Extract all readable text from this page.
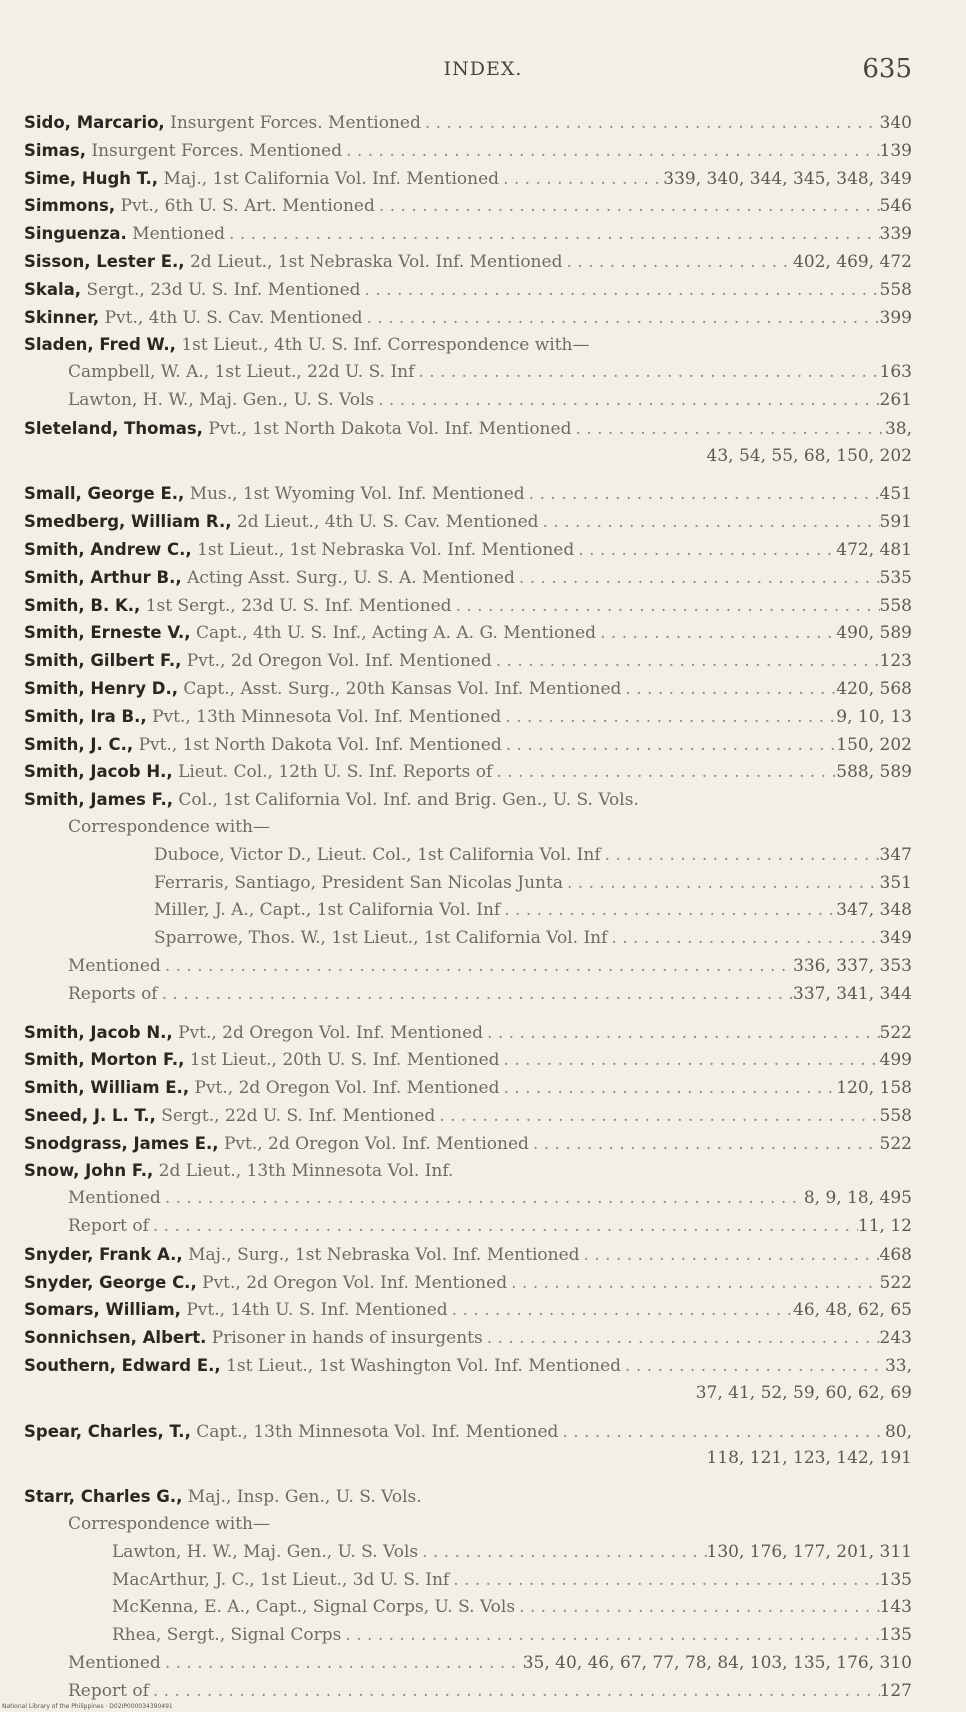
INDEX.	635
Sido, Marcario,
Insurgent Forces. Mentioned . . .	340
Simas,
Insurgent Forces. Mentioned . . .	139
Sime, Hugh T.,
Maj., 1st California Vol. Inf. Mentioned . . .	339, 340, 344, 345, 348, 349
Simmons,
Pvt., 6th U. S. Art. Mentioned . . .	546
Singuenza.
Mentioned . . .	339
Sisson, Lester E.,
2d Lieut., 1st Nebraska Vol. Inf. Mentioned . . .	402, 469, 472
Skala,
Sergt., 23d U. S. Inf. Mentioned . . .	558
Skinner,
Pvt., 4th U. S. Cav. Mentioned . . .	399
Sladen, Fred W.,
1st Lieut., 4th U. S. Inf. Correspondence with—
Campbell, W. A., 1st Lieut., 22d U. S. Inf . . .	163
Lawton, H. W., Maj. Gen., U. S. Vols . . .	261
Sleteland, Thomas,
Pvt., 1st North Dakota Vol. Inf. Mentioned . . .	38,
43, 54, 55, 68, 150, 202
Small, George E.,
Mus., 1st Wyoming Vol. Inf. Mentioned . . .	451
Smedberg, William R.,
2d Lieut., 4th U. S. Cav. Mentioned . . .	591
Smith, Andrew C.,
1st Lieut., 1st Nebraska Vol. Inf. Mentioned . . .	472, 481
Smith, Arthur B.,
Acting Asst. Surg., U. S. A. Mentioned . . .	535
Smith, B. K.,
1st Sergt., 23d U. S. Inf. Mentioned . . .	558
Smith, Erneste V.,
Capt., 4th U. S. Inf., Acting A. A. G. Mentioned . . .	490, 589
Smith, Gilbert F.,
Pvt., 2d Oregon Vol. Inf. Mentioned . . .	123
Smith, Henry D.,
Capt., Asst. Surg., 20th Kansas Vol. Inf. Mentioned . . .	420, 568
Smith, Ira B.,
Pvt., 13th Minnesota Vol. Inf. Mentioned . . .	9, 10, 13
Smith, J. C.,
Pvt., 1st North Dakota Vol. Inf. Mentioned . . .	150, 202
Smith, Jacob H.,
Lieut. Col., 12th U. S. Inf. Reports of . . .	588, 589
Smith, James F.,
Col., 1st California Vol. Inf. and Brig. Gen., U. S. Vols.
Correspondence with—
Duboce, Victor D., Lieut. Col., 1st California Vol. Inf . . .	347
Ferraris, Santiago, President San Nicolas Junta . . .	351
Miller, J. A., Capt., 1st California Vol. Inf . . .	347, 348
Sparrowe, Thos. W., 1st Lieut., 1st California Vol. Inf . . .	349
Mentioned . . .	336, 337, 353
Reports of . . .	337, 341, 344
Smith, Jacob N.,
Pvt., 2d Oregon Vol. Inf. Mentioned . . .	522
Smith, Morton F.,
1st Lieut., 20th U. S. Inf. Mentioned . . .	499
Smith, William E.,
Pvt., 2d Oregon Vol. Inf. Mentioned . . .	120, 158
Sneed, J. L. T.,
Sergt., 22d U. S. Inf. Mentioned . . .	558
Snodgrass, James E.,
Pvt., 2d Oregon Vol. Inf. Mentioned . . .	522
Snow, John F.,
2d Lieut., 13th Minnesota Vol. Inf.
Mentioned . . .	8, 9, 18, 495
Report of . . .	11, 12
Snyder, Frank A.,
Maj., Surg., 1st Nebraska Vol. Inf. Mentioned . . .	468
Snyder, George C.,
Pvt., 2d Oregon Vol. Inf. Mentioned . . .	522
Somars, William,
Pvt., 14th U. S. Inf. Mentioned . . .	46, 48, 62, 65
Sonnichsen, Albert.
Prisoner in hands of insurgents . . .	243
Southern, Edward E.,
1st Lieut., 1st Washington Vol. Inf. Mentioned . . .	33,
37, 41, 52, 59, 60, 62, 69
Spear, Charles, T.,
Capt., 13th Minnesota Vol. Inf. Mentioned . . .	80,
118, 121, 123, 142, 191
Starr, Charles G.,
Maj., Insp. Gen., U. S. Vols.
Correspondence with—
Lawton, H. W., Maj. Gen., U. S. Vols . . .	130, 176, 177, 201, 311
MacArthur, J. C., 1st Lieut., 3d U. S. Inf . . .	135
McKenna, E. A., Capt., Signal Corps, U. S. Vols . . .	143
Rhea, Sergt., Signal Corps . . .	135
Mentioned . . .	35, 40, 46, 67, 77, 78, 84, 103, 135, 176, 310
Report of . . .	127
National Library of the Philippines · D02IP000034390491
